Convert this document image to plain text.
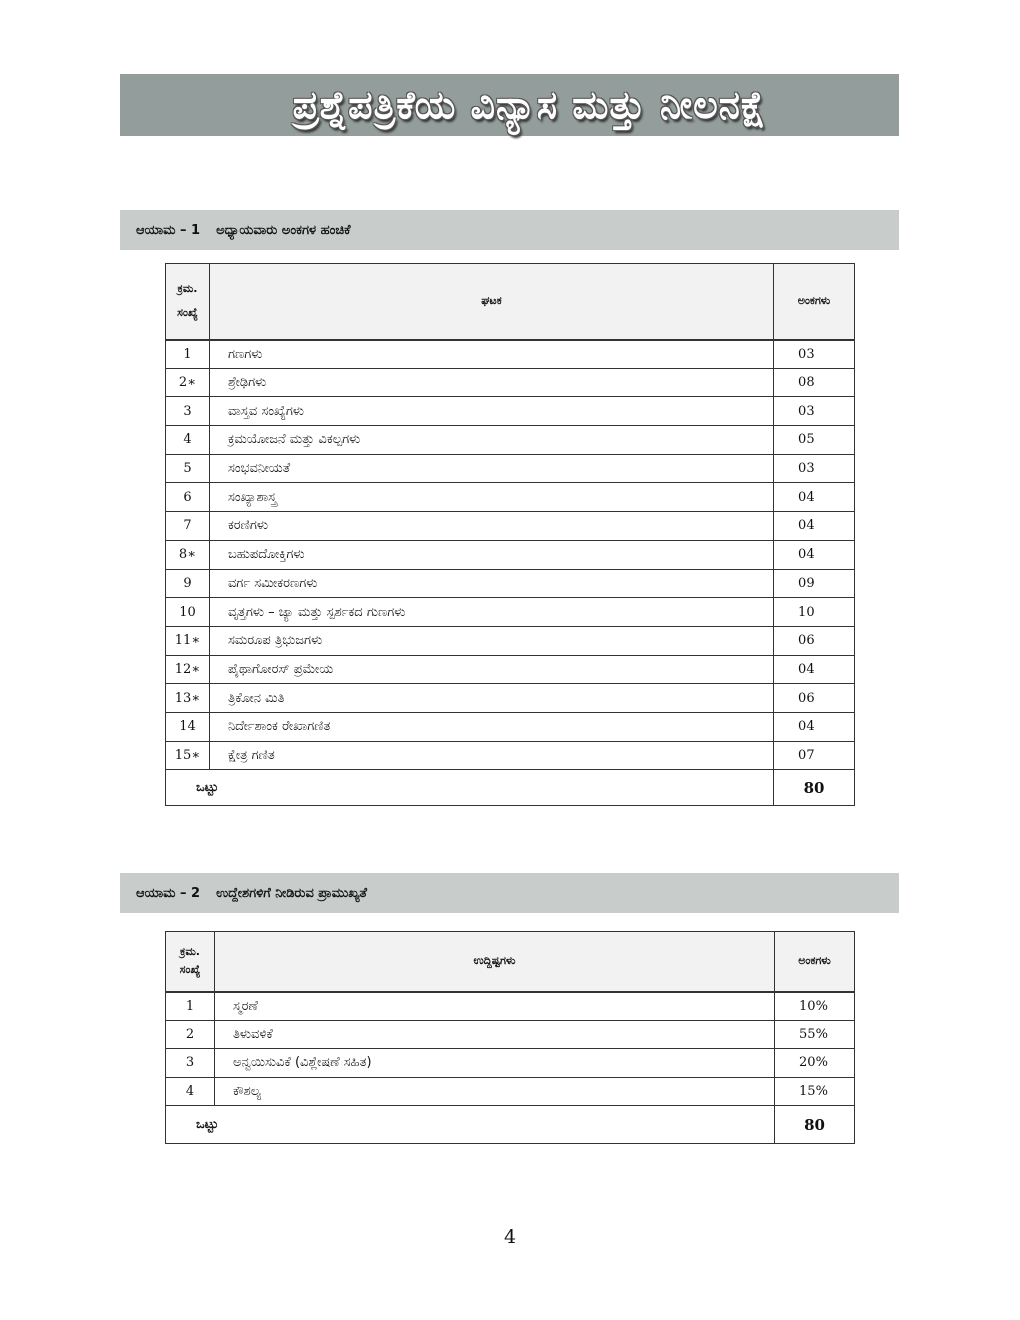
ಪ್ರಶ್ನೆಪತ್ರಿಕೆಯ ವಿನ್ಯಾಸ ಮತ್ತು ನೀಲನಕ್ಷೆ
ಆಯಾಮ – 1 ಅಧ್ಯಾಯವಾರು ಅಂಕಗಳ ಹಂಚಿಕೆ
ಕ್ರಮ.
ಸಂಖ್ಯೆ	ಘಟಕ	ಅಂಕಗಳು
1	ಗಣಗಳು	03
2∗	ಶ್ರೇಢಿಗಳು	08
3	ವಾಸ್ತವ ಸಂಖ್ಯೆಗಳು	03
4	ಕ್ರಮಯೋಜನೆ ಮತ್ತು ವಿಕಲ್ಪಗಳು	05
5	ಸಂಭವನೀಯತೆ	03
6	ಸಂಖ್ಯಾಶಾಸ್ತ್ರ	04
7	ಕರಣಿಗಳು	04
8∗	ಬಹುಪದೋಕ್ತಿಗಳು	04
9	ವರ್ಗ ಸಮೀಕರಣಗಳು	09
10	ವೃತ್ತಗಳು – ಜ್ಯಾ ಮತ್ತು ಸ್ಪರ್ಶಕದ ಗುಣಗಳು	10
11∗	ಸಮರೂಪ ತ್ರಿಭುಜಗಳು	06
12∗	ಪೈಥಾಗೋರಸ್ ಪ್ರಮೇಯ	04
13∗	ತ್ರಿಕೋನ ಮಿತಿ	06
14	ನಿರ್ದೇಶಾಂಕ ರೇಖಾಗಣಿತ	04
15∗	ಕ್ಷೇತ್ರ ಗಣಿತ	07
ಒಟ್ಟು		80
ಆಯಾಮ – 2 ಉದ್ದೇಶಗಳಿಗೆ ನೀಡಿರುವ ಪ್ರಾಮುಖ್ಯತೆ
ಕ್ರಮ.
ಸಂಖ್ಯೆ	ಉದ್ದಿಷ್ಟಗಳು	ಅಂಕಗಳು
1	ಸ್ಮರಣೆ	10%
2	ತಿಳುವಳಿಕೆ	55%
3	ಅನ್ವಯಿಸುವಿಕೆ (ವಿಶ್ಲೇಷಣೆ ಸಹಿತ)	20%
4	ಕೌಶಲ್ಯ	15%
ಒಟ್ಟು		80
4
